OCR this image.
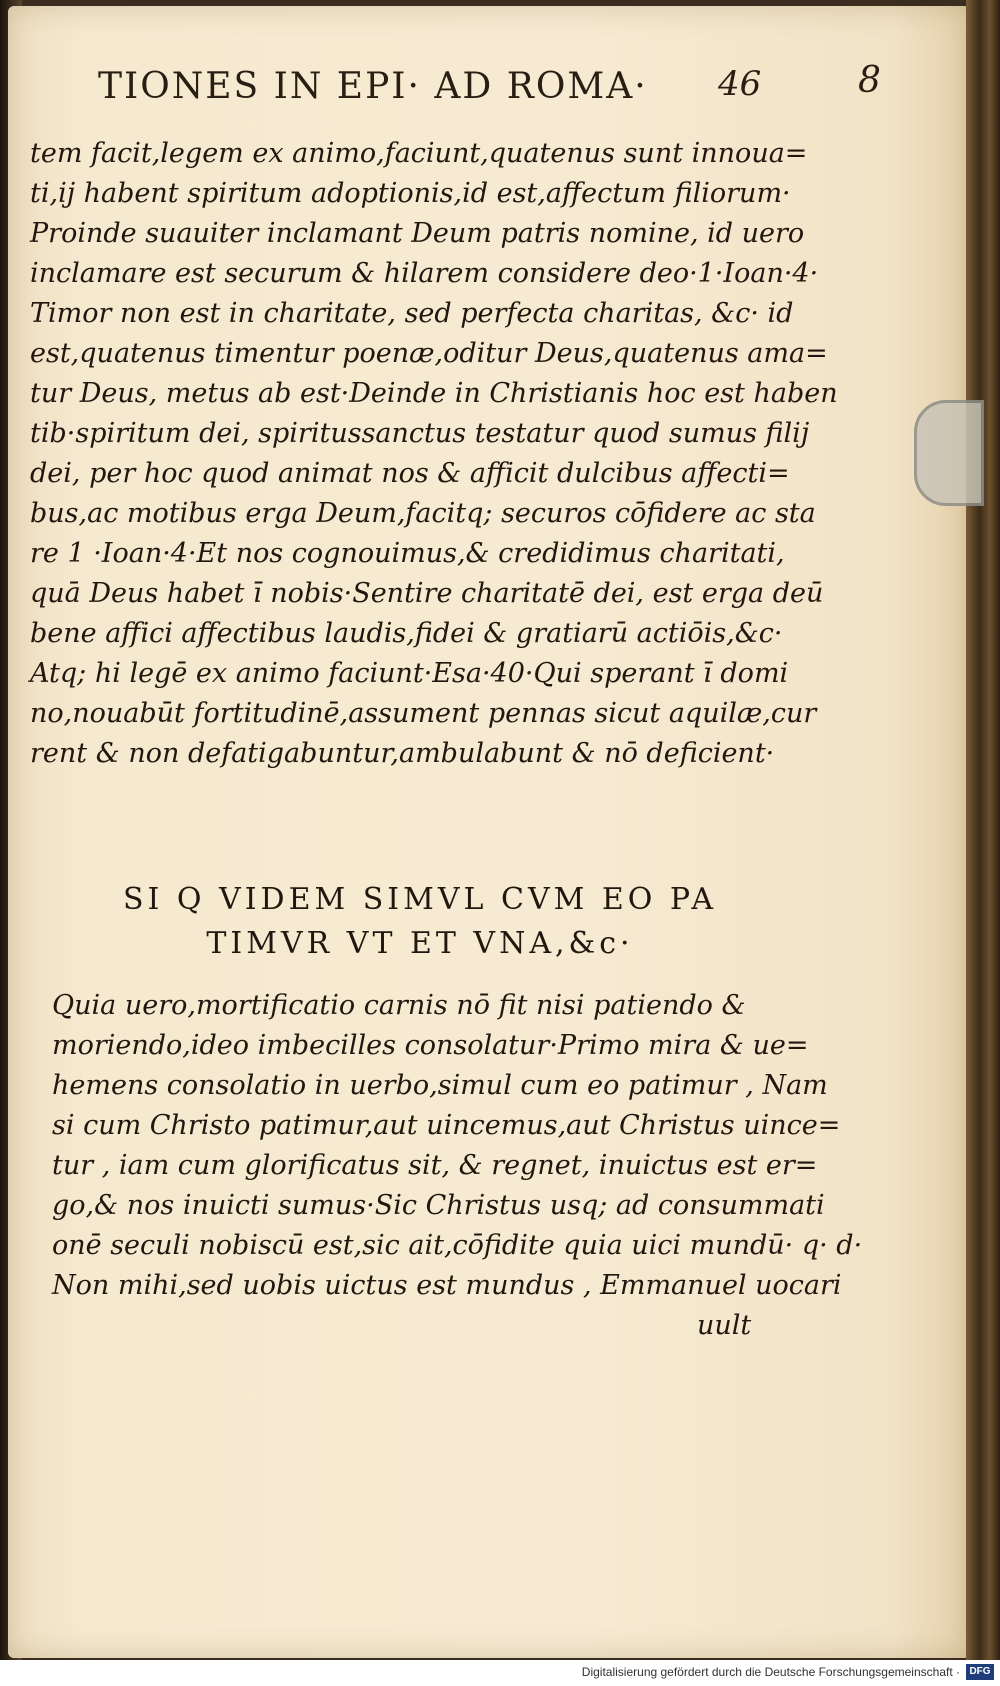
TIONES IN EPI· AD ROMA· 46	8
tem facit,legem ex animo,faciunt,quatenus sunt innoua=
ti,ij habent spiritum adoptionis,id est,affectum filiorum·
Proinde suauiter inclamant Deum patris nomine, id uero
inclamare est securum & hilarem considere deo·1·Ioan·4·
Timor non est in charitate, sed perfecta charitas, &c· id
est,quatenus timentur poenæ,oditur Deus,quatenus ama=
tur Deus, metus ab est·Deinde in Christianis hoc est haben
tib·spiritum dei, spiritussanctus testatur quod sumus filij
dei, per hoc quod animat nos & afficit dulcibus affecti=
bus,ac motibus erga Deum,facitq; securos cōfidere ac sta
re 1 ·Ioan·4·Et nos cognouimus,& credidimus charitati,
quā Deus habet ī nobis·Sentire charitatē dei, est erga deū
bene affici affectibus laudis,fidei & gratiarū actiōis,&c·
Atq; hi legē ex animo faciunt·Esa·40·Qui sperant ī domi
no,nouabūt fortitudinē,assument pennas sicut aquilæ,cur
rent & non defatigabuntur,ambulabunt & nō deficient·
SI Q VIDEM SIMVL CVM EO PA
TIMVR VT ET VNA,&c·
Quia uero,mortificatio carnis nō fit nisi patiendo &
moriendo,ideo imbecilles consolatur·Primo mira & ue=
hemens consolatio in uerbo,simul cum eo patimur , Nam
si cum Christo patimur,aut uincemus,aut Christus uince=
tur , iam cum glorificatus sit, & regnet, inuictus est er=
go,& nos inuicti sumus·Sic Christus usq; ad consummati
onē seculi nobiscū est,sic ait,cōfidite quia uici mundū· q· d·
Non mihi,sed uobis uictus est mundus , Emmanuel uocari
uult
Digitalisierung gefördert durch die Deutsche Forschungsgemeinschaft · DFG
